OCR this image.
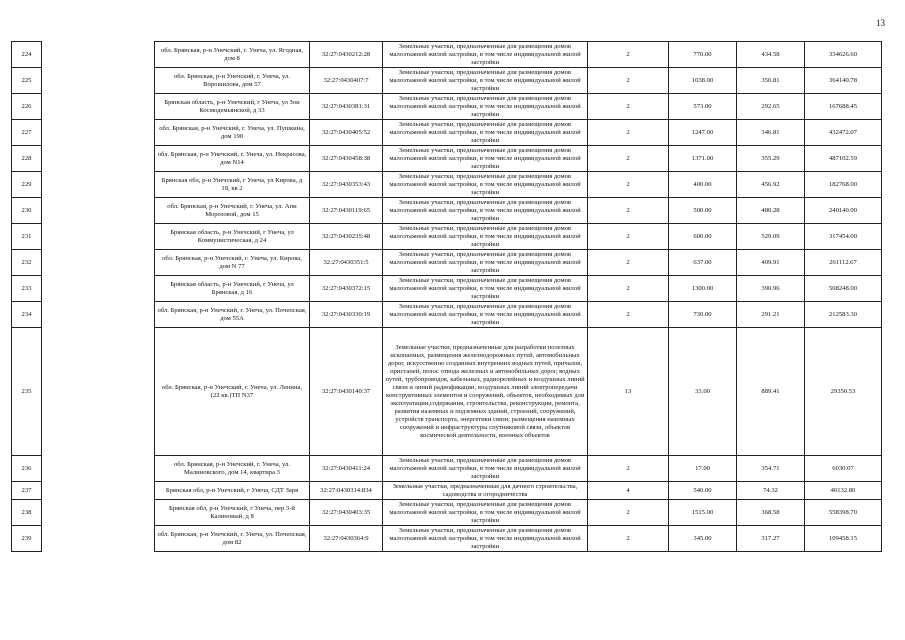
13
224		обл. Брянская, р-н Унечский, г. Унеча, ул. Ягодная, дом 8	32:27:0430212:28	Земельные участки, предназначенные для размещения домов малоэтажной жилой застройки, в том числе индивидуальной жилой застройки	2	770.00	434.58	334626.60
225		обл. Брянская, р-н Унечский, г. Унеча, ул. Ворошилова, дом 57	32:27:0430407:7	Земельные участки, предназначенные для размещения домов малоэтажной жилой застройки, в том числе индивидуальной жилой застройки	2	1038.00	350.81	364140.78
226		Брянская область, р-н Унечский, г Унеча, ул Зои Космодемьянской, д 33	32:27:0430381:31	Земельные участки, предназначенные для размещения домов малоэтажной жилой застройки, в том числе индивидуальной жилой застройки	2	573.00	292.65	167688.45
227		обл. Брянская, р-н Унечский, г. Унеча, ул. Пушкина, дом 190	32:27:0430405:52	Земельные участки, предназначенные для размещения домов малоэтажной жилой застройки, в том числе индивидуальной жилой застройки	2	1247.00	346.81	432472.07
228		обл. Брянская, р-н Унечский, г. Унеча, ул. Некрасова, дом N14	32:27:0430458:38	Земельные участки, предназначенные для размещения домов малоэтажной жилой застройки, в том числе индивидуальной жилой застройки	2	1371.00	355.29	487102.59
229		Брянская обл, р-н Унечский, г Унеча, ул Кирова, д 18, кв 2	32:27:0430353:43	Земельные участки, предназначенные для размещения домов малоэтажной жилой застройки, в том числе индивидуальной жилой застройки	2	400.00	456.92	182768.00
230		обл. Брянская, р-н Унечский, г. Унеча, ул. Апи Морозовой, дом 15	32:27:0430119:65	Земельные участки, предназначенные для размещения домов малоэтажной жилой застройки, в том числе индивидуальной жилой застройки	2	500.00	480.28	240140.00
231		Брянская область, р-н Унечский, г Унеча, ул Коммунистическая, д 24	32:27:0430235:48	Земельные участки, предназначенные для размещения домов малоэтажной жилой застройки, в том числе индивидуальной жилой застройки	2	600.00	529.09	317454.00
232		обл. Брянская, р-н Унечский, г. Унеча, ул. Кирова, дом N 77	32:27:0430351:5	Земельные участки, предназначенные для размещения домов малоэтажной жилой застройки, в том числе индивидуальной жилой застройки	2	637.00	409.91	261112.67
233		Брянская область, р-н Унечский, г Унеча, ул Брянская, д 16	32:27:0430372:15	Земельные участки, предназначенные для размещения домов малоэтажной жилой застройки, в том числе индивидуальной жилой застройки	2	1300.00	390.96	508248.00
234		обл. Брянская, р-н Унечский, г. Унеча, ул. Почепская, дом 55А	32:27:0430330:19	Земельные участки, предназначенные для размещения домов малоэтажной жилой застройки, в том числе индивидуальной жилой застройки	2	730.00	291.21	212583.30
235		обл. Брянская, р-н Унечский, г. Унеча, ул. Ленина, (22 кв.)ТП N37	32:27:0430140:37	Земельные участки, предназначенные для разработки полезных ископаемых, размещения железнодорожных путей, автомобильных дорог, искусственно созданных внутренних водных путей, причалов, пристаней, полос отвода железных и автомобильных дорог, водных путей, трубопроводов, кабельных, радиорелейных и воздушных линий связи и линий радиофикации, воздушных линий электропередачи конструктивных элементов и сооружений, объектов, необходимых для эксплуатации,содержания, строительства, реконструкции, ремонта, развития наземных и подземных зданий, строений, сооружений, устройств транспорта, энергетики связи; размещения наземных сооружений и инфраструктуры спутниковой связи, объектов космической деятельности, военных объектов	13	33.00	889.41	29350.53
236		обл. Брянская, р-н Унечский, г. Унеча, ул. Малиновского, дом 14, квартира 3	32:27:0430411:24	Земельные участки, предназначенные для размещения домов малоэтажной жилой застройки, в том числе индивидуальной жилой застройки	2	17.00	354.71	6030.07
237		Брянская обл, р-н Унечский, г Унеча, СДТ Заря	32:27:0430314:834	Земельные участки, предназначенные для дачного строительства, садоводства и огородничества	4	540.00	74.32	40132.80
238		Брянская обл, р-н Унечский, г Унеча, пер 3-й Калиновый, д 8	32:27:0430403:35	Земельные участки, предназначенные для размещения домов малоэтажной жилой застройки, в том числе индивидуальной жилой застройки	2	1515.00	368.58	558398.70
239		обл. Брянская, р-н Унечский, г. Унеча, ул. Почепская, дом 82	32:27:0430364:9	Земельные участки, предназначенные для размещения домов малоэтажной жилой застройки, в том числе индивидуальной жилой застройки	2	345.00	317.27	109458.15
